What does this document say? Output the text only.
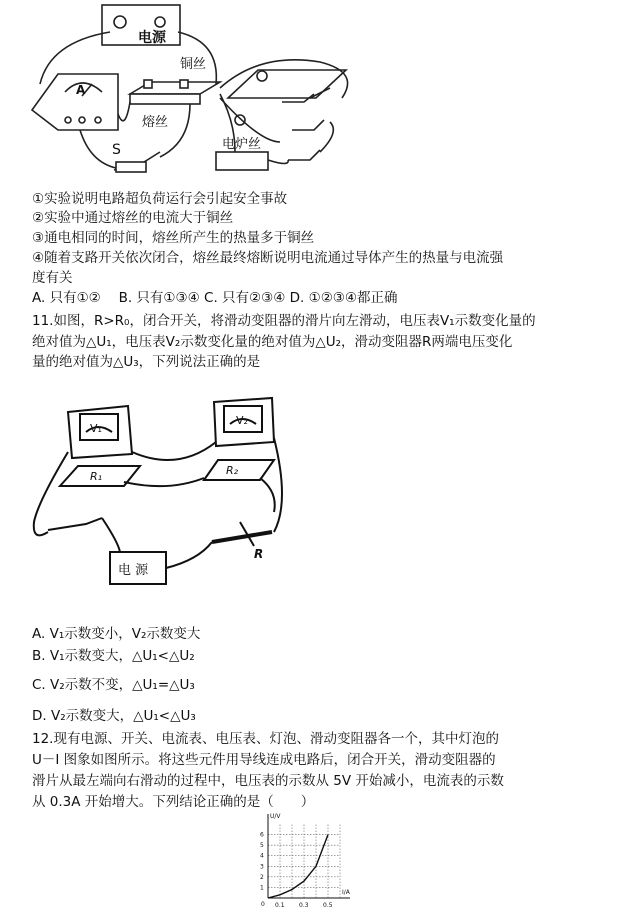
电源
铜丝
熔丝
A
S	电炉丝
①实验说明电路超负荷运行会引起安全事故
②实验中通过熔丝的电流大于铜丝
③通电相同的时间，熔丝所产生的热量多于铜丝
④随着支路开关依次闭合，熔丝最终熔断说明电流通过导体产生的热量与电流强
度有关
A. 只有①②　 B. 只有①③④ C. 只有②③④ D. ①②③④都正确
11.如图，R>R₀，闭合开关，将滑动变阻器的滑片向左滑动，电压表V₁示数变化量的
绝对值为△U₁，电压表V₂示数变化量的绝对值为△U₂，滑动变阻器R两端电压变化
量的绝对值为△U₃，下列说法正确的是
V₁
V₂
R₁	R₂
R
电 源
A. V₁示数变小，V₂示数变大
B. V₁示数变大，△U₁<△U₂
C. V₂示数不变，△U₁=△U₃
D. V₂示数变大，△U₁<△U₃
12.现有电源、开关、电流表、电压表、灯泡、滑动变阻器各一个，其中灯泡的
U－I 图象如图所示。将这些元件用导线连成电路后，闭合开关，滑动变阻器的
滑片从最左端向右滑动的过程中，电压表的示数从 5V 开始减小，电流表的示数
从 0.3A 开始增大。下列结论正确的是（　　）
I/A
U/V
1
2
3
4
5
6
0.1 0.3 0.5
0
